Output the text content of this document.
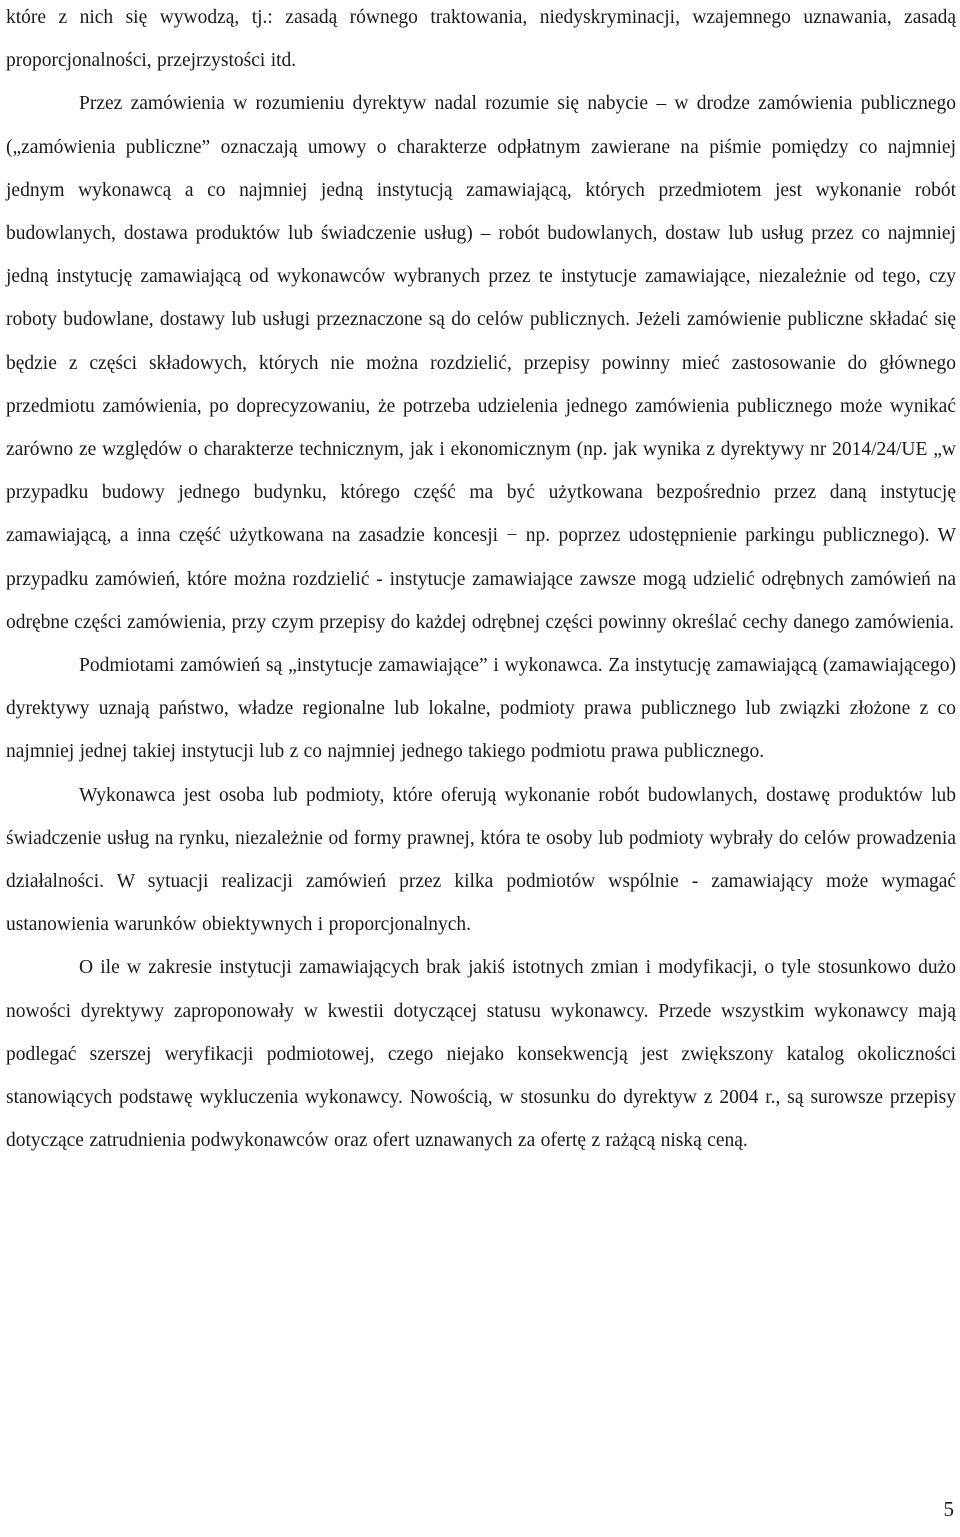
które z nich się wywodzą, tj.: zasadą równego traktowania, niedyskryminacji, wzajemnego uznawania, zasadą proporcjonalności, przejrzystości itd.

Przez zamówienia w rozumieniu dyrektyw nadal rozumie się nabycie – w drodze zamówienia publicznego („zamówienia publiczne” oznaczają umowy o charakterze odpłatnym zawierane na piśmie pomiędzy co najmniej jednym wykonawcą a co najmniej jedną instytucją zamawiającą, których przedmiotem jest wykonanie robót budowlanych, dostawa produktów lub świadczenie usług) – robót budowlanych, dostaw lub usług przez co najmniej jedną instytucję zamawiającą od wykonawców wybranych przez te instytucje zamawiające, niezależnie od tego, czy roboty budowlane, dostawy lub usługi przeznaczone są do celów publicznych. Jeżeli zamówienie publiczne składać się będzie z części składowych, których nie można rozdzielić, przepisy powinny mieć zastosowanie do głównego przedmiotu zamówienia, po doprecyzowaniu, że potrzeba udzielenia jednego zamówienia publicznego może wynikać zarówno ze względów o charakterze technicznym, jak i ekonomicznym (np. jak wynika z dyrektywy nr 2014/24/UE „w przypadku budowy jednego budynku, którego część ma być użytkowana bezpośrednio przez daną instytucję zamawiającą, a inna część użytkowana na zasadzie koncesji − np. poprzez udostępnienie parkingu publicznego). W przypadku zamówień, które można rozdzielić - instytucje zamawiające zawsze mogą udzielić odrębnych zamówień na odrębne części zamówienia, przy czym przepisy do każdej odrębnej części powinny określać cechy danego zamówienia.

Podmiotami zamówień są „instytucje zamawiające” i wykonawca. Za instytucję zamawiającą (zamawiającego) dyrektywy uznają państwo, władze regionalne lub lokalne, podmioty prawa publicznego lub związki złożone z co najmniej jednej takiej instytucji lub z co najmniej jednego takiego podmiotu prawa publicznego.

Wykonawca jest osoba lub podmioty, które oferują wykonanie robót budowlanych, dostawę produktów lub świadczenie usług na rynku, niezależnie od formy prawnej, która te osoby lub podmioty wybrały do celów prowadzenia działalności. W sytuacji realizacji zamówień przez kilka podmiotów wspólnie - zamawiający może wymagać ustanowienia warunków obiektywnych i proporcjonalnych.

O ile w zakresie instytucji zamawiających brak jakiś istotnych zmian i modyfikacji, o tyle stosunkowo dużo nowości dyrektywy zaproponowały w kwestii dotyczącej statusu wykonawcy. Przede wszystkim wykonawcy mają podlegać szerszej weryfikacji podmiotowej, czego niejako konsekwencją jest zwiększony katalog okoliczności stanowiących podstawę wykluczenia wykonawcy. Nowością, w stosunku do dyrektyw z 2004 r., są surowsze przepisy dotyczące zatrudnienia podwykonawców oraz ofert uznawanych za ofertę z rażącą niską ceną.

5
